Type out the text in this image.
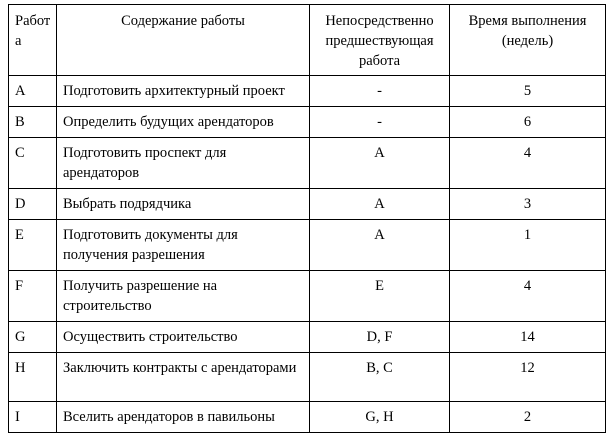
Работ а	Содержание работы	Непосредственно предшествующая работа	Время выполнения (недель)
A	Подготовить архитектурный проект	-	5
B	Определить будущих арендаторов	-	6
C	Подготовить проспект для арендаторов	A	4
D	Выбрать подрядчика	A	3
E	Подготовить документы для получения разрешения	A	1
F	Получить разрешение на строительство	E	4
G	Осуществить строительство	D, F	14
H	Заключить контракты с арендаторами	B, C	12
I	Вселить арендаторов в павильоны	G, H	2
